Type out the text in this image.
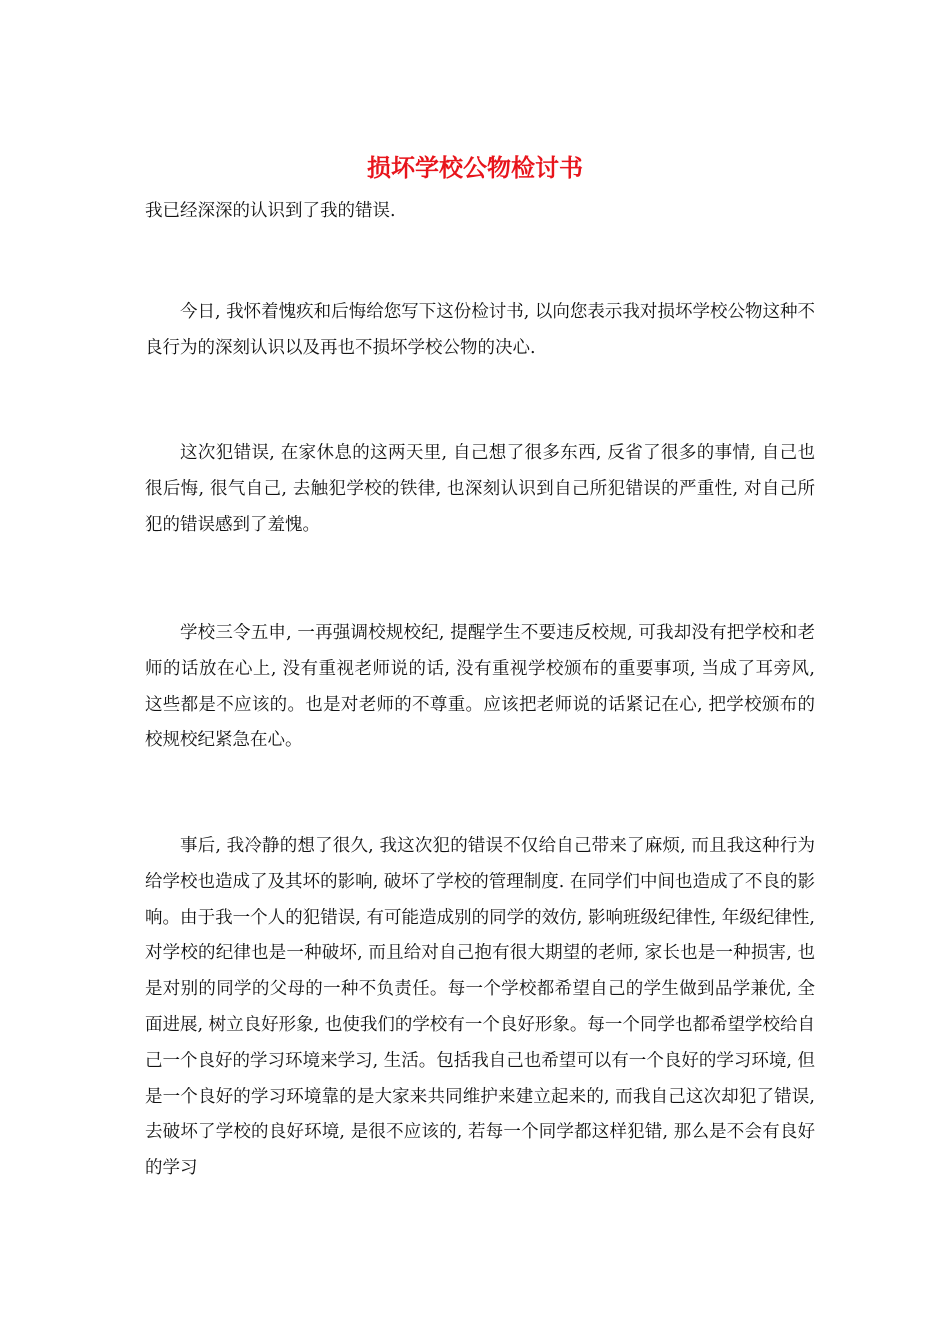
损坏学校公物检讨书

我已经深深的认识到了我的错误.

今日, 我怀着愧疚和后悔给您写下这份检讨书, 以向您表示我对损坏学校公物这种不良行为的深刻认识以及再也不损坏学校公物的决心.

这次犯错误, 在家休息的这两天里, 自己想了很多东西, 反省了很多的事情, 自己也很后悔, 很气自己, 去触犯学校的铁律, 也深刻认识到自己所犯错误的严重性, 对自己所犯的错误感到了羞愧。

学校三令五申, 一再强调校规校纪, 提醒学生不要违反校规, 可我却没有把学校和老师的话放在心上, 没有重视老师说的话, 没有重视学校颁布的重要事项, 当成了耳旁风, 这些都是不应该的。也是对老师的不尊重。应该把老师说的话紧记在心, 把学校颁布的校规校纪紧急在心。

事后, 我冷静的想了很久, 我这次犯的错误不仅给自己带来了麻烦, 而且我这种行为给学校也造成了及其坏的影响, 破坏了学校的管理制度. 在同学们中间也造成了不良的影响。由于我一个人的犯错误, 有可能造成别的同学的效仿, 影响班级纪律性, 年级纪律性, 对学校的纪律也是一种破坏, 而且给对自己抱有很大期望的老师, 家长也是一种损害, 也是对别的同学的父母的一种不负责任。每一个学校都希望自己的学生做到品学兼优, 全面进展, 树立良好形象, 也使我们的学校有一个良好形象。每一个同学也都希望学校给自己一个良好的学习环境来学习, 生活。包括我自己也希望可以有一个良好的学习环境, 但是一个良好的学习环境靠的是大家来共同维护来建立起来的, 而我自己这次却犯了错误, 去破坏了学校的良好环境, 是很不应该的, 若每一个同学都这样犯错, 那么是不会有良好的学习
